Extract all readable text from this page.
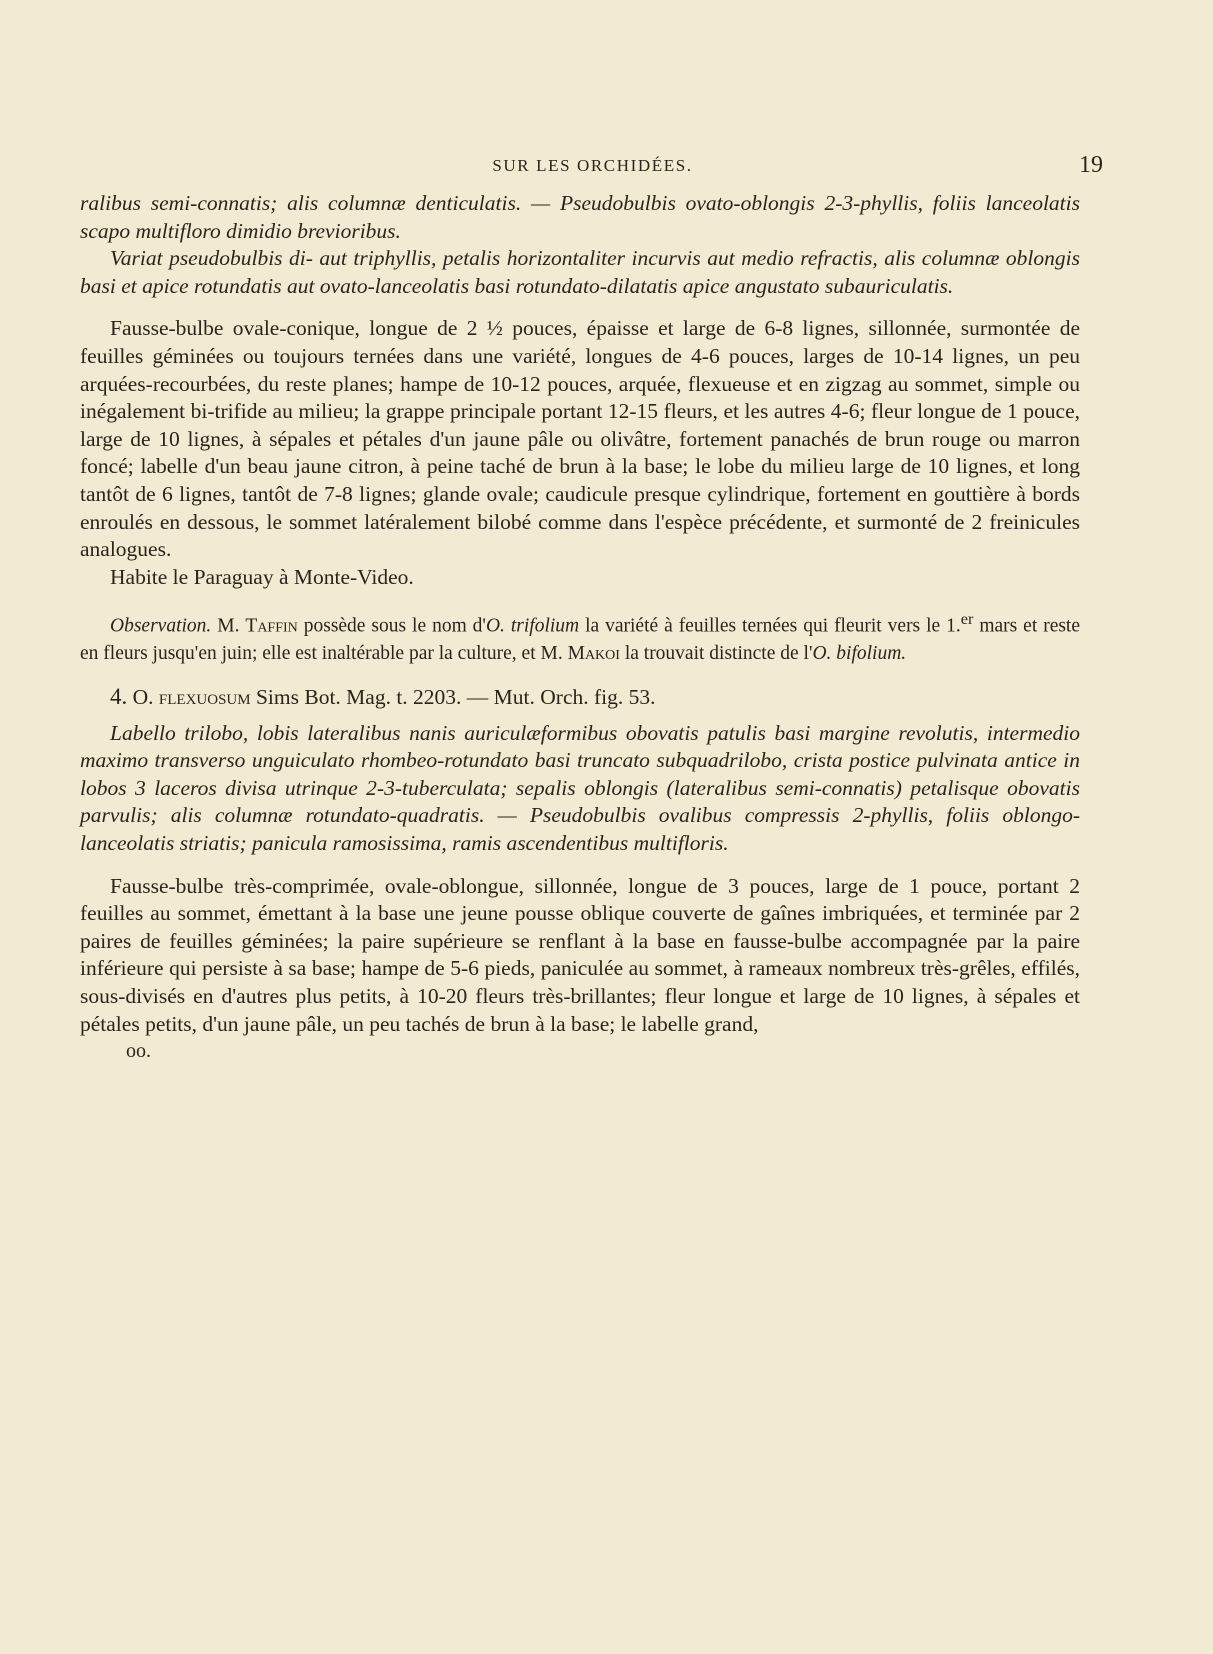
SUR LES ORCHIDÉES.	19

ralibus semi-connatis; alis columnæ denticulatis. — Pseudobulbis ovato-oblongis 2-3-phyllis, foliis lanceolatis scapo multifloro dimidio brevioribus.

Variat pseudobulbis di- aut triphyllis, petalis horizontaliter incurvis aut medio refractis, alis columnæ oblongis basi et apice rotundatis aut ovato-lanceolatis basi rotundato-dilatatis apice angustato subauriculatis.

Fausse-bulbe ovale-conique, longue de 2 ½ pouces, épaisse et large de 6-8 lignes, sillonnée, surmontée de feuilles géminées ou toujours ternées dans une variété, longues de 4-6 pouces, larges de 10-14 lignes, un peu arquées-recourbées, du reste planes; hampe de 10-12 pouces, arquée, flexueuse et en zigzag au sommet, simple ou inégalement bi-trifide au milieu; la grappe principale portant 12-15 fleurs, et les autres 4-6; fleur longue de 1 pouce, large de 10 lignes, à sépales et pétales d'un jaune pâle ou olivâtre, fortement panachés de brun rouge ou marron foncé; labelle d'un beau jaune citron, à peine taché de brun à la base; le lobe du milieu large de 10 lignes, et long tantôt de 6 lignes, tantôt de 7-8 lignes; glande ovale; caudicule presque cylindrique, fortement en gouttière à bords enroulés en dessous, le sommet latéralement bilobé comme dans l'espèce précédente, et surmonté de 2 freinicules analogues.

Habite le Paraguay à Monte-Video.

Observation. M. Taffin possède sous le nom d'O. trifolium la variété à feuilles ternées qui fleurit vers le 1.$^{er}$ mars et reste en fleurs jusqu'en juin; elle est inaltérable par la culture, et M. Makoi la trouvait distincte de l'O. bifolium.

4. O. flexuosum Sims Bot. Mag. t. 2203. — Mut. Orch. fig. 53.

Labello trilobo, lobis lateralibus nanis auriculæformibus obovatis patulis basi margine revolutis, intermedio maximo transverso unguiculato rhombeo-rotundato basi truncato subquadrilobo, crista postice pulvinata antice in lobos 3 laceros divisa utrinque 2-3-tuberculata; sepalis oblongis (lateralibus semi-connatis) petalisque obovatis parvulis; alis columnæ rotundato-quadratis. — Pseudobulbis ovalibus compressis 2-phyllis, foliis oblongo-lanceolatis striatis; panicula ramosissima, ramis ascendentibus multifloris.

Fausse-bulbe très-comprimée, ovale-oblongue, sillonnée, longue de 3 pouces, large de 1 pouce, portant 2 feuilles au sommet, émettant à la base une jeune pousse oblique couverte de gaînes imbriquées, et terminée par 2 paires de feuilles géminées; la paire supérieure se renflant à la base en fausse-bulbe accompagnée par la paire inférieure qui persiste à sa base; hampe de 5-6 pieds, paniculée au sommet, à rameaux nombreux très-grêles, effilés, sous-divisés en d'autres plus petits, à 10-20 fleurs très-brillantes; fleur longue et large de 10 lignes, à sépales et pétales petits, d'un jaune pâle, un peu tachés de brun à la base; le labelle grand,

oo.
